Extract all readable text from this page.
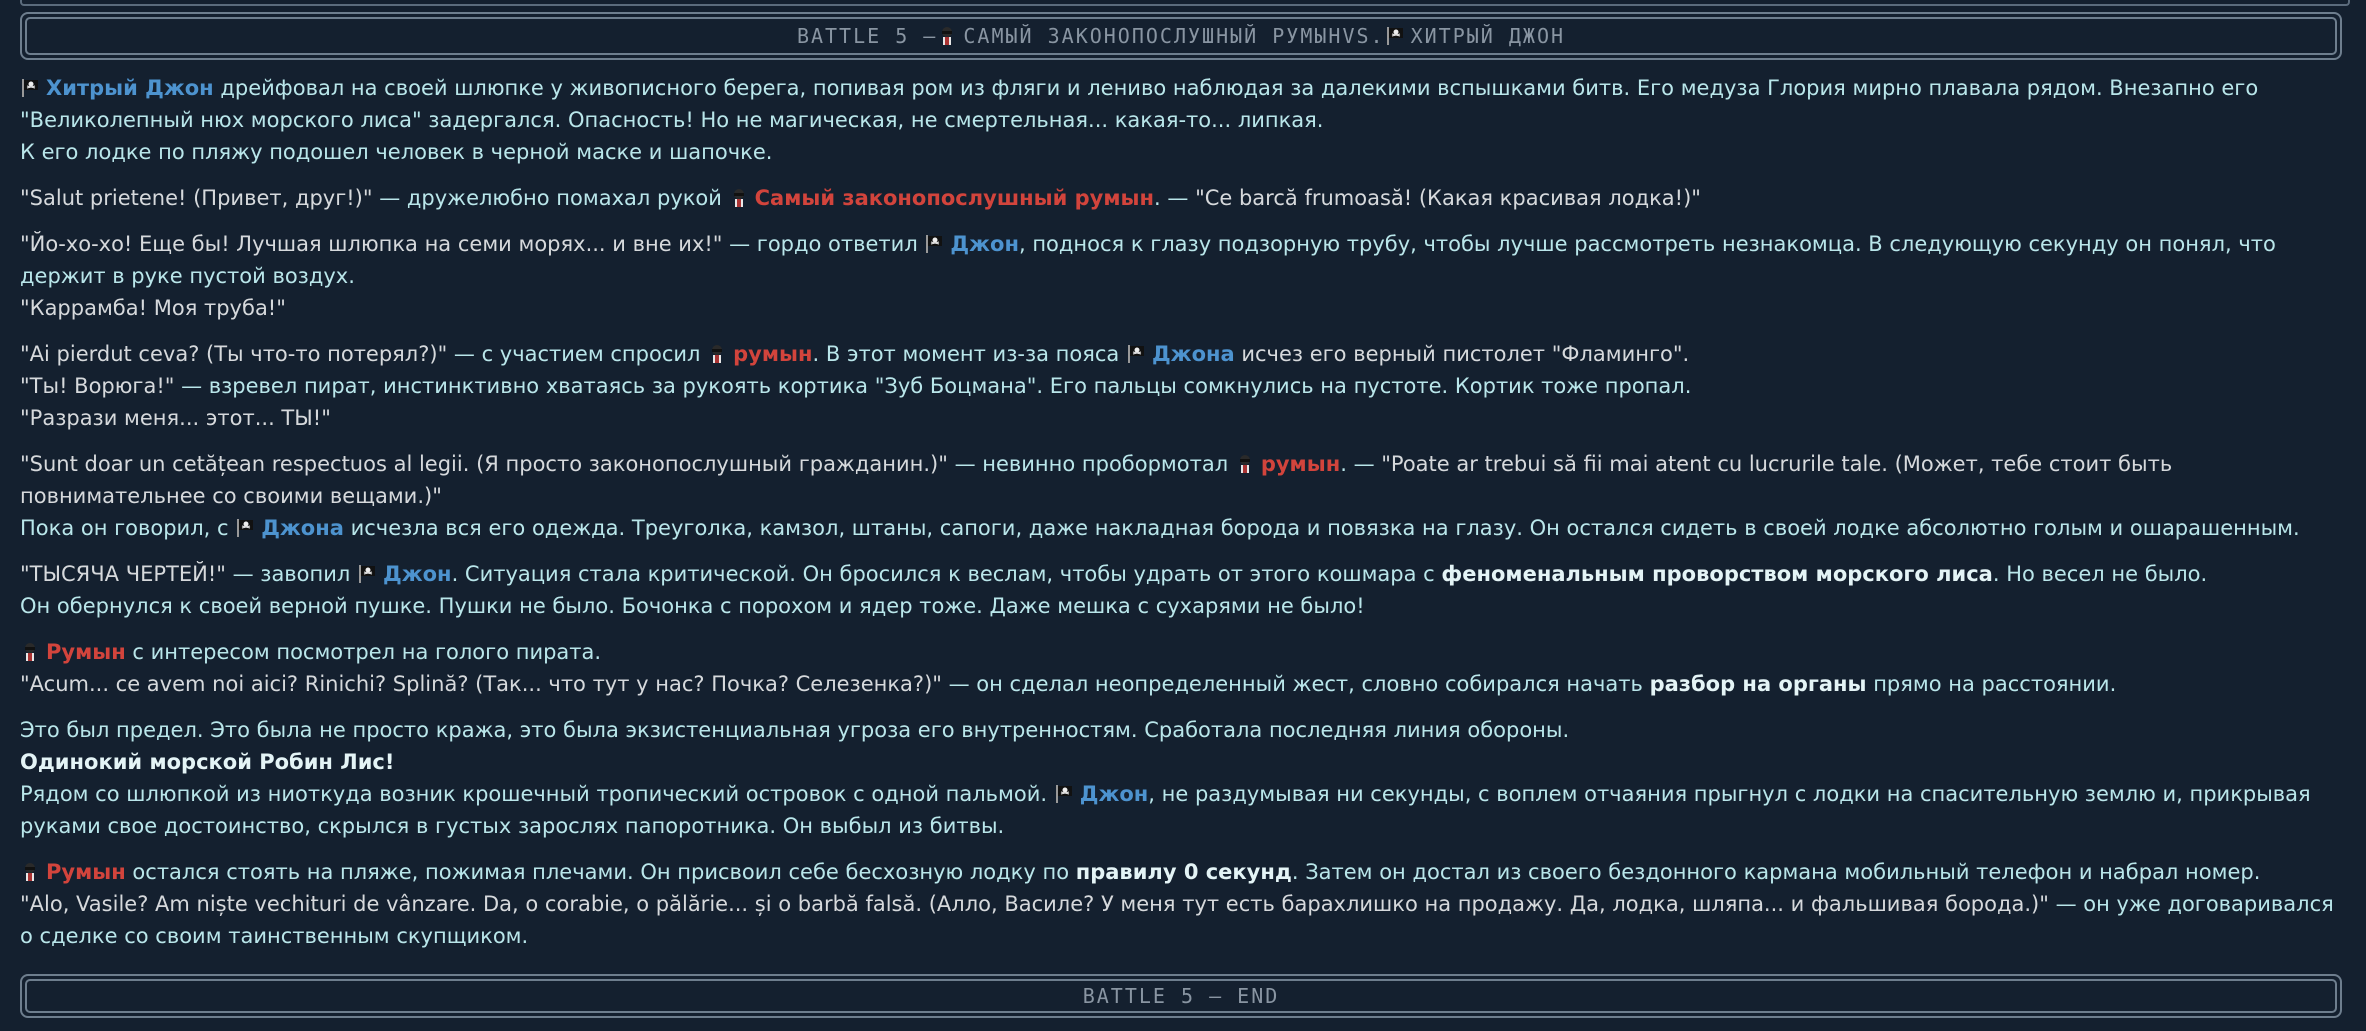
BATTLE 5 – САМЫЙ ЗАКОНОПОСЛУШНЫЙ РУМЫН VS. ХИТРЫЙ ДЖОН
Хитрый Джон дрейфовал на своей шлюпке у живописного берега, попивая ром из фляги и лениво наблюдая за далекими вспышками битв. Его медуза Глория мирно плавала рядом. Внезапно его "Великолепный нюх морского лиса" задергался. Опасность! Но не магическая, не смертельная... какая-то... липкая.
К его лодке по пляжу подошел человек в черной маске и шапочке.
"Salut prietene! (Привет, друг!)" — дружелюбно помахал рукой
Самый законопослушный румын. — "Ce barcă frumoasă! (Какая красивая лодка!)"
"Йо-хо-хо! Еще бы! Лучшая шлюпка на семи морях... и вне их!" — гордо ответил
Джон, поднося к глазу подзорную трубу, чтобы лучше рассмотреть незнакомца. В следующую секунду он понял, что держит в руке пустой воздух.
"Каррамба! Моя труба!"
"Ai pierdut ceva? (Ты что-то потерял?)" — с участием спросил
румын. В этот момент из-за пояса
Джона исчез его верный пистолет "Фламинго".
"Ты! Ворюга!" — взревел пират, инстинктивно хватаясь за рукоять кортика "Зуб Боцмана". Его пальцы сомкнулись на пустоте. Кортик тоже пропал.
"Разрази меня... этот... ТЫ!"
"Sunt doar un cetățean respectuos al legii. (Я просто законопослушный гражданин.)" — невинно пробормотал
румын. — "Poate ar trebui să fii mai atent cu lucrurile tale. (Может, тебе стоит быть повнимательнее со своими вещами.)"
Пока он говорил, с
Джона исчезла вся его одежда. Треуголка, камзол, штаны, сапоги, даже накладная борода и повязка на глазу. Он остался сидеть в своей лодке абсолютно голым и ошарашенным.
"ТЫСЯЧА ЧЕРТЕЙ!" — завопил
Джон. Ситуация стала критической. Он бросился к веслам, чтобы удрать от этого кошмара с феноменальным проворством морского лиса. Но весел не было.
Он обернулся к своей верной пушке. Пушки не было. Бочонка с порохом и ядер тоже. Даже мешка с сухарями не было!
Румын с интересом посмотрел на голого пирата.
"Acum... ce avem noi aici? Rinichi? Splină? (Так... что тут у нас? Почка? Селезенка?)" — он сделал неопределенный жест, словно собирался начать разбор на органы прямо на расстоянии.
Это был предел. Это была не просто кража, это была экзистенциальная угроза его внутренностям. Сработала последняя линия обороны.
Одинокий морской Робин Лис!
Рядом со шлюпкой из ниоткуда возник крошечный тропический островок с одной пальмой.
Джон, не раздумывая ни секунды, с воплем отчаяния прыгнул с лодки на спасительную землю и, прикрывая руками свое достоинство, скрылся в густых зарослях папоротника. Он выбыл из битвы.
Румын остался стоять на пляже, пожимая плечами. Он присвоил себе бесхозную лодку по правилу 0 секунд. Затем он достал из своего бездонного кармана мобильный телефон и набрал номер.
"Alo, Vasile? Am niște vechituri de vânzare. Da, o corabie, o pălărie... și o barbă falsă. (Алло, Василе? У меня тут есть барахлишко на продажу. Да, лодка, шляпа... и фальшивая борода.)" — он уже договаривался о сделке со своим таинственным скупщиком.
BATTLE 5 – END
